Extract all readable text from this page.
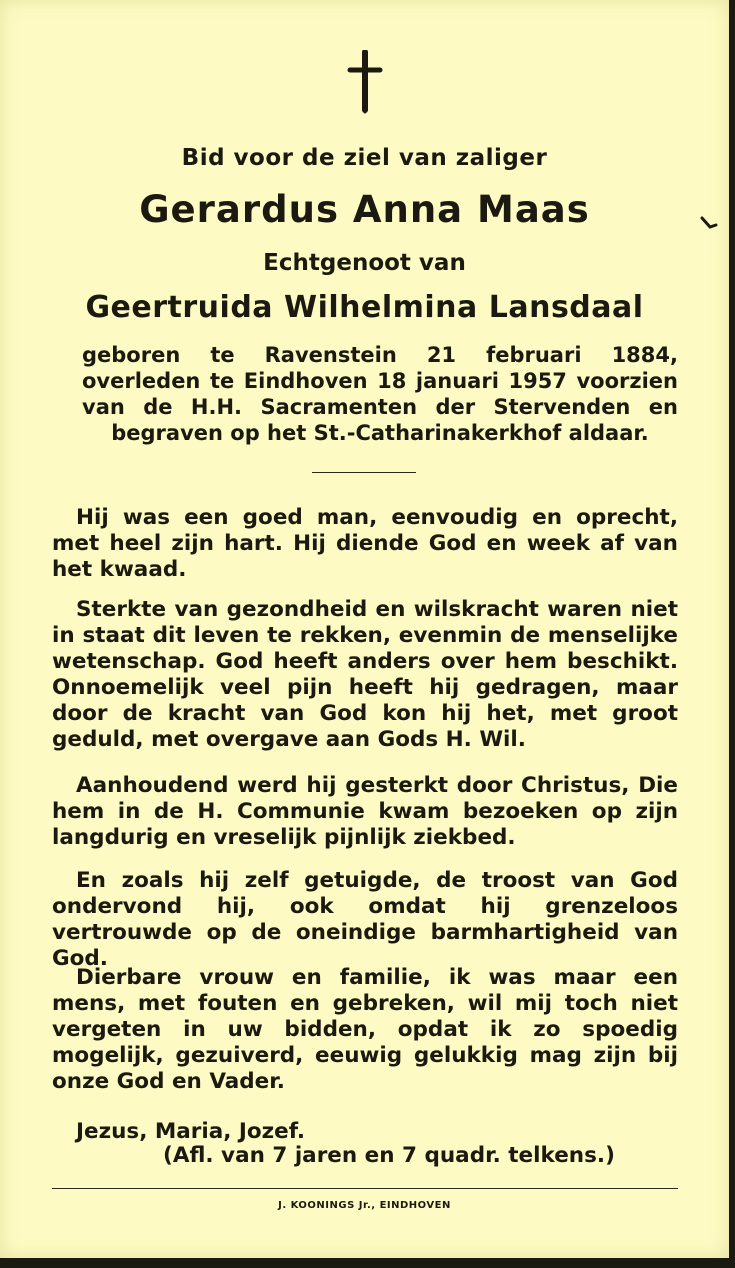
Bid voor de ziel van zaliger
Gerardus Anna Maas
Echtgenoot van
Geertruida Wilhelmina Lansdaal
geboren te Ravenstein 21 februari 1884, overleden te Eindhoven 18 januari 1957 voorzien van de H.H. Sacramenten der Stervenden en begraven op het St.-Catharinakerkhof aldaar.
Hij was een goed man, eenvoudig en oprecht, met heel zijn hart. Hij diende God en week af van het kwaad.
Sterkte van gezondheid en wilskracht waren niet in staat dit leven te rekken, evenmin de menselijke wetenschap. God heeft anders over hem beschikt. Onnoemelijk veel pijn heeft hij gedragen, maar door de kracht van God kon hij het, met groot geduld, met overgave aan Gods H. Wil.
Aanhoudend werd hij gesterkt door Christus, Die hem in de H. Communie kwam bezoeken op zijn langdurig en vreselijk pijnlijk ziekbed.
En zoals hij zelf getuigde, de troost van God ondervond hij, ook omdat hij grenzeloos vertrouwde op de oneindige barmhartigheid van God.
Dierbare vrouw en familie, ik was maar een mens, met fouten en gebreken, wil mij toch niet vergeten in uw bidden, opdat ik zo spoedig mogelijk, gezuiverd, eeuwig gelukkig mag zijn bij onze God en Vader.
Jezus, Maria, Jozef.
(Afl. van 7 jaren en 7 quadr. telkens.)
J. KOONINGS Jr., EINDHOVEN
